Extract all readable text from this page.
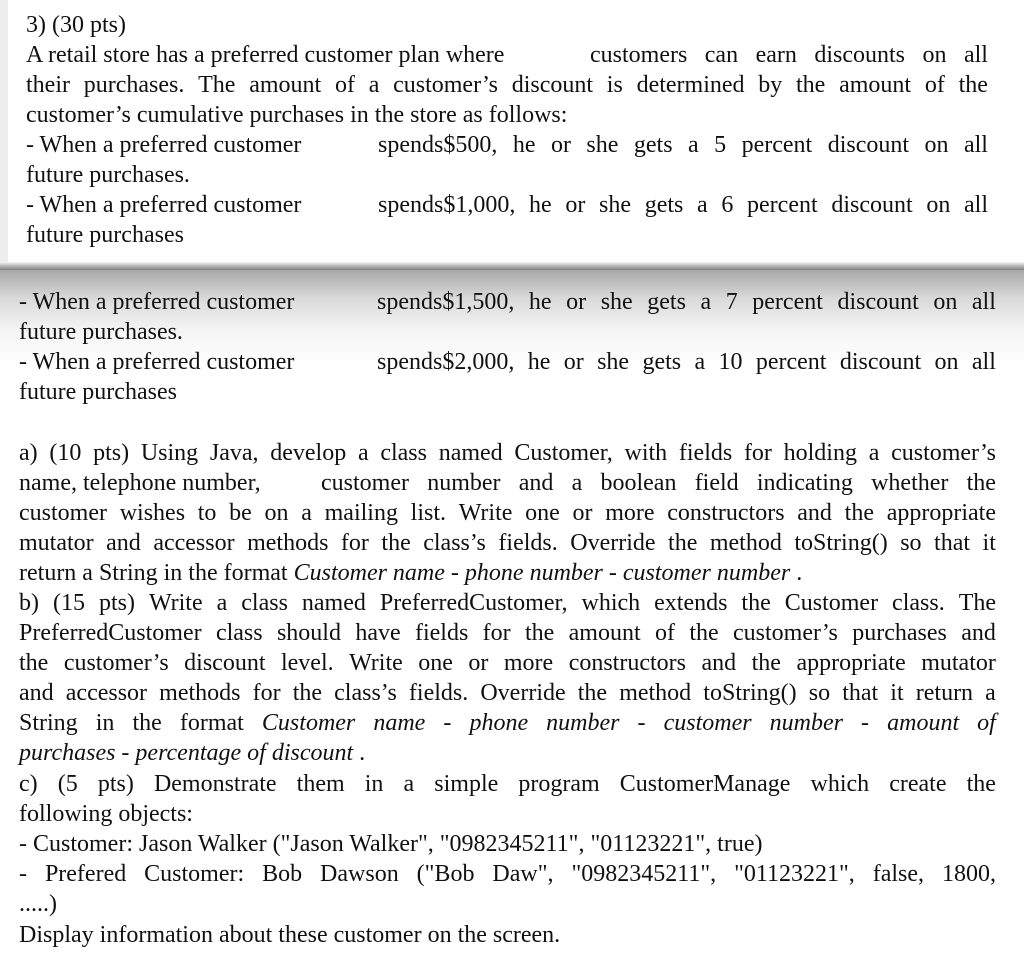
3) (30 pts)
A retail store has a preferred customer plan where	customers can earn discounts on all
their purchases. The amount of a customer’s discount is determined by the amount of the
customer’s cumulative purchases in the store as follows:
- When a preferred customer	spends$500, he or she gets a 5 percent discount on all
future purchases.
- When a preferred customer	spends$1,000, he or she gets a 6 percent discount on all
future purchases
- When a preferred customer	spends$1,500, he or she gets a 7 percent discount on all
future purchases.
- When a preferred customer	spends$2,000, he or she gets a 10 percent discount on all
future purchases
a) (10 pts) Using Java, develop a class named Customer, with fields for holding a customer’s
name, telephone number,	customer number and a boolean field indicating whether the
customer wishes to be on a mailing list. Write one or more constructors and the appropriate
mutator and accessor methods for the class’s fields. Override the method toString() so that it
return a String in the format Customer name - phone number - customer number .
b) (15 pts) Write a class named PreferredCustomer, which extends the Customer class. The
PreferredCustomer class should have fields for the amount of the customer’s purchases and
the customer’s discount level. Write one or more constructors and the appropriate mutator
and accessor methods for the class’s fields. Override the method toString() so that it return a
String in the format Customer name - phone number - customer number - amount of
purchases - percentage of discount .
c) (5 pts) Demonstrate them in a simple program CustomerManage which create the
following objects:
- Customer: Jason Walker ("Jason Walker", "0982345211", "01123221", true)
- Prefered Customer: Bob Dawson ("Bob Daw", "0982345211", "01123221", false, 1800,
.....)
Display information about these customer on the screen.
